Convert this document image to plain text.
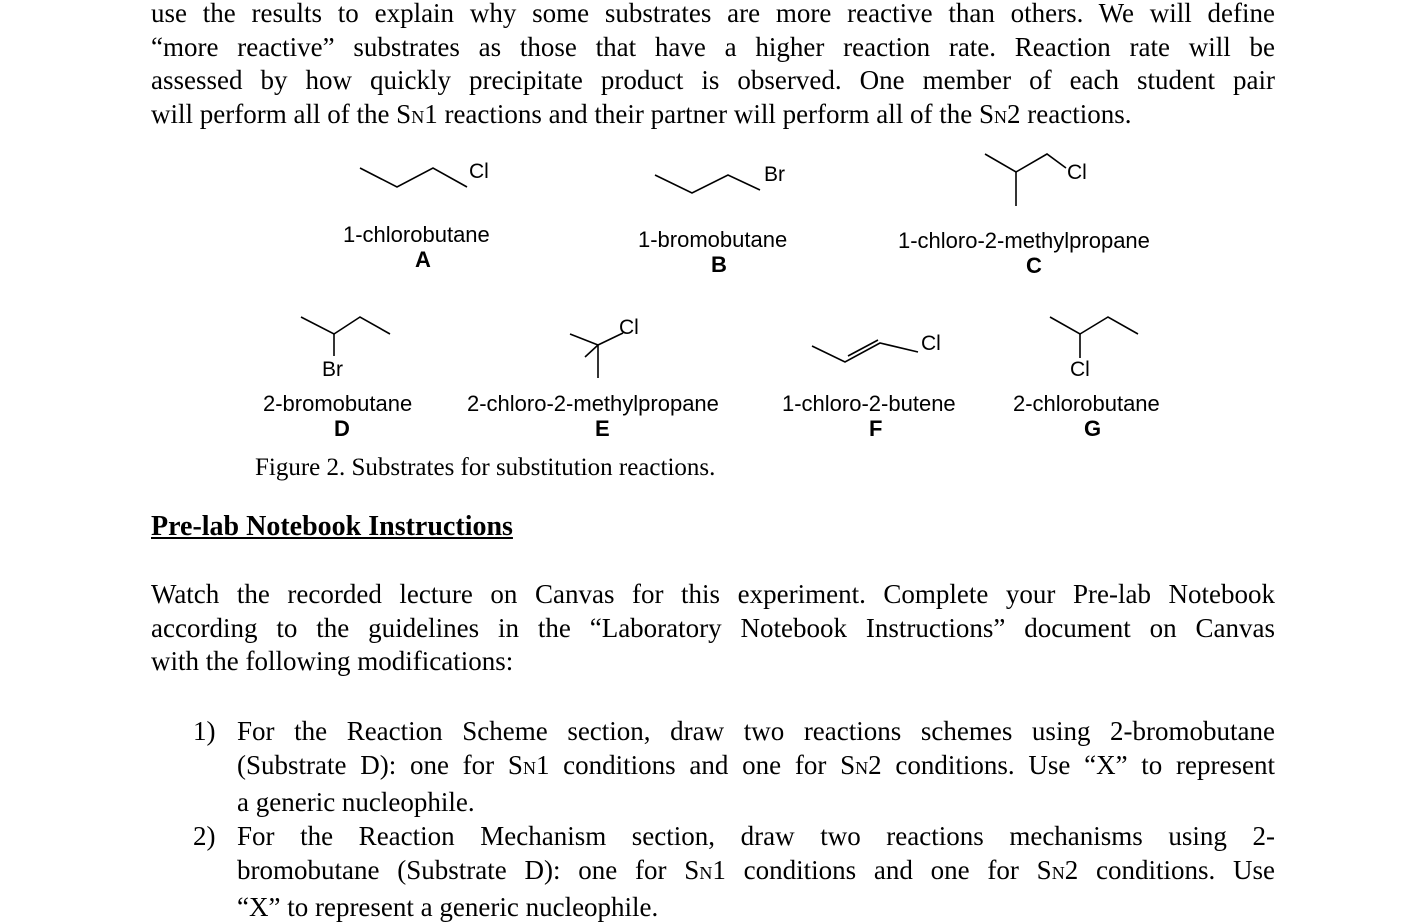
use the results to explain why some substrates are more reactive than others. We will define
“more reactive” substrates as those that have a higher reaction rate. Reaction rate will be
assessed by how quickly precipitate product is observed. One member of each student pair
will perform all of the SN1 reactions and their partner will perform all of the SN2 reactions.
Cl	Br	Cl
Br
Cl
Cl
Cl
1-chlorobutane
A
1-bromobutane
B
1-chloro-2-methylpropane
C
2-bromobutane
D
2-chloro-2-methylpropane
E
1-chloro-2-butene
F
2-chlorobutane
G
Figure 2. Substrates for substitution reactions.
Pre-lab Notebook Instructions
Watch the recorded lecture on Canvas for this experiment. Complete your Pre-lab Notebook
according to the guidelines in the “Laboratory Notebook Instructions” document on Canvas
with the following modifications:
1) For the Reaction Scheme section, draw two reactions schemes using 2-bromobutane
(Substrate D): one for SN1 conditions and one for SN2 conditions. Use “X” to represent
a generic nucleophile.
2) For the Reaction Mechanism section, draw two reactions mechanisms using 2-
bromobutane (Substrate D): one for SN1 conditions and one for SN2 conditions. Use
“X” to represent a generic nucleophile.
